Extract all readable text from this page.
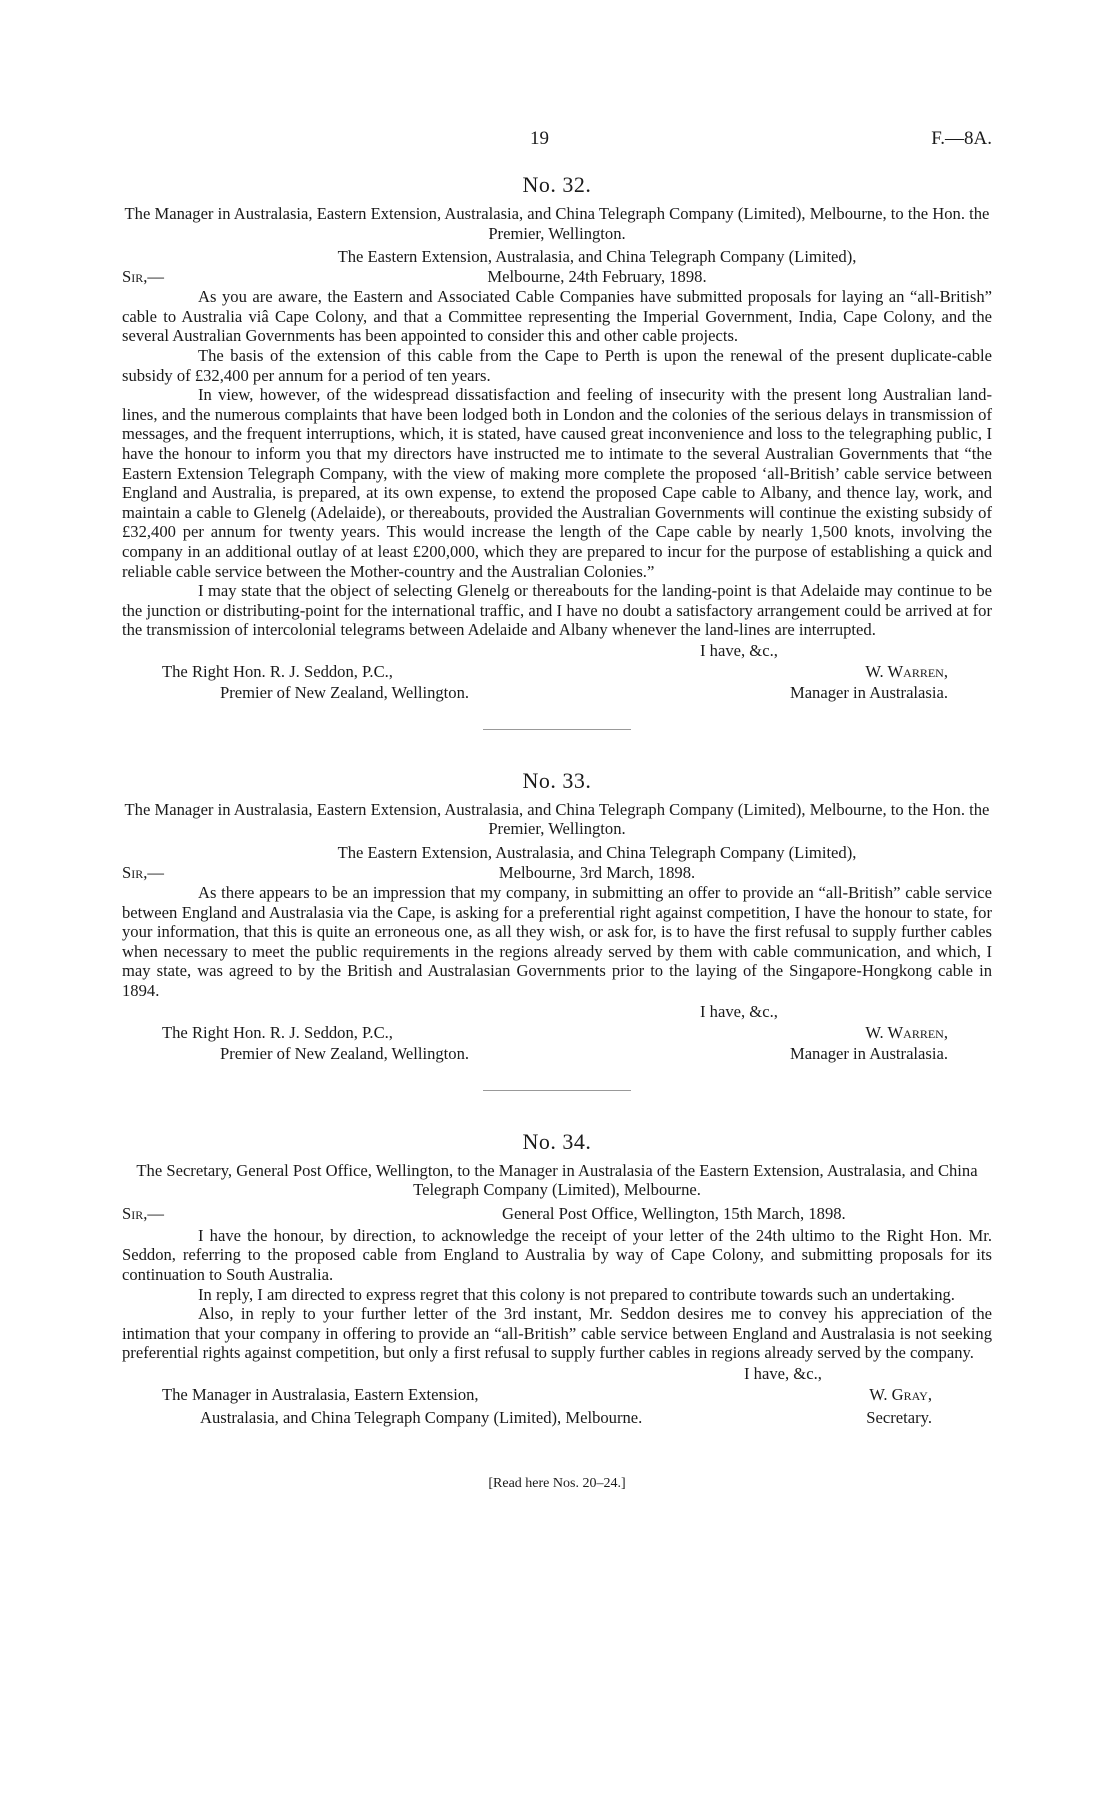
19	F.—8A.
No. 32.
The Manager in Australasia, Eastern Extension, Australasia, and China Telegraph Company (Limited), Melbourne, to the Hon. the Premier, Wellington.
The Eastern Extension, Australasia, and China Telegraph Company (Limited),
Sir,—	Melbourne, 24th February, 1898.

As you are aware, the Eastern and Associated Cable Companies have submitted proposals for laying an “all-British” cable to Australia viâ Cape Colony, and that a Committee representing the Imperial Government, India, Cape Colony, and the several Australian Governments has been appointed to consider this and other cable projects.

The basis of the extension of this cable from the Cape to Perth is upon the renewal of the present duplicate-cable subsidy of £32,400 per annum for a period of ten years.

In view, however, of the widespread dissatisfaction and feeling of insecurity with the present long Australian land-lines, and the numerous complaints that have been lodged both in London and the colonies of the serious delays in transmission of messages, and the frequent interruptions, which, it is stated, have caused great inconvenience and loss to the telegraphing public, I have the honour to inform you that my directors have instructed me to intimate to the several Australian Governments that “the Eastern Extension Telegraph Company, with the view of making more complete the proposed ‘all-British’ cable service between England and Australia, is prepared, at its own expense, to extend the proposed Cape cable to Albany, and thence lay, work, and maintain a cable to Glenelg (Adelaide), or thereabouts, provided the Australian Governments will continue the existing subsidy of £32,400 per annum for twenty years. This would increase the length of the Cape cable by nearly 1,500 knots, involving the company in an additional outlay of at least £200,000, which they are prepared to incur for the purpose of establishing a quick and reliable cable service between the Mother-country and the Australian Colonies.”

I may state that the object of selecting Glenelg or thereabouts for the landing-point is that Adelaide may continue to be the junction or distributing-point for the international traffic, and I have no doubt a satisfactory arrangement could be arrived at for the transmission of intercolonial telegrams between Adelaide and Albany whenever the land-lines are interrupted.

I have, &c.,
The Right Hon. R. J. Seddon, P.C.,
Premier of New Zealand, Wellington.
W. Warren,
Manager in Australasia.
No. 33.
The Manager in Australasia, Eastern Extension, Australasia, and China Telegraph Company (Limited), Melbourne, to the Hon. the Premier, Wellington.
The Eastern Extension, Australasia, and China Telegraph Company (Limited),
Sir,—	Melbourne, 3rd March, 1898.

As there appears to be an impression that my company, in submitting an offer to provide an “all-British” cable service between England and Australasia via the Cape, is asking for a preferential right against competition, I have the honour to state, for your information, that this is quite an erroneous one, as all they wish, or ask for, is to have the first refusal to supply further cables when necessary to meet the public requirements in the regions already served by them with cable communication, and which, I may state, was agreed to by the British and Australasian Governments prior to the laying of the Singapore-Hongkong cable in 1894.

I have, &c.,
The Right Hon. R. J. Seddon, P.C.,
Premier of New Zealand, Wellington.
W. Warren,
Manager in Australasia.
No. 34.
The Secretary, General Post Office, Wellington, to the Manager in Australasia of the Eastern Extension, Australasia, and China Telegraph Company (Limited), Melbourne.
Sir,—	General Post Office, Wellington, 15th March, 1898.

I have the honour, by direction, to acknowledge the receipt of your letter of the 24th ultimo to the Right Hon. Mr. Seddon, referring to the proposed cable from England to Australia by way of Cape Colony, and submitting proposals for its continuation to South Australia.

In reply, I am directed to express regret that this colony is not prepared to contribute towards such an undertaking.

Also, in reply to your further letter of the 3rd instant, Mr. Seddon desires me to convey his appreciation of the intimation that your company in offering to provide an “all-British” cable service between England and Australasia is not seeking preferential rights against competition, but only a first refusal to supply further cables in regions already served by the company.

I have, &c.,
The Manager in Australasia, Eastern Extension,
Australasia, and China Telegraph Company (Limited), Melbourne.
W. Gray,
Secretary.
[Read here Nos. 20–24.]
